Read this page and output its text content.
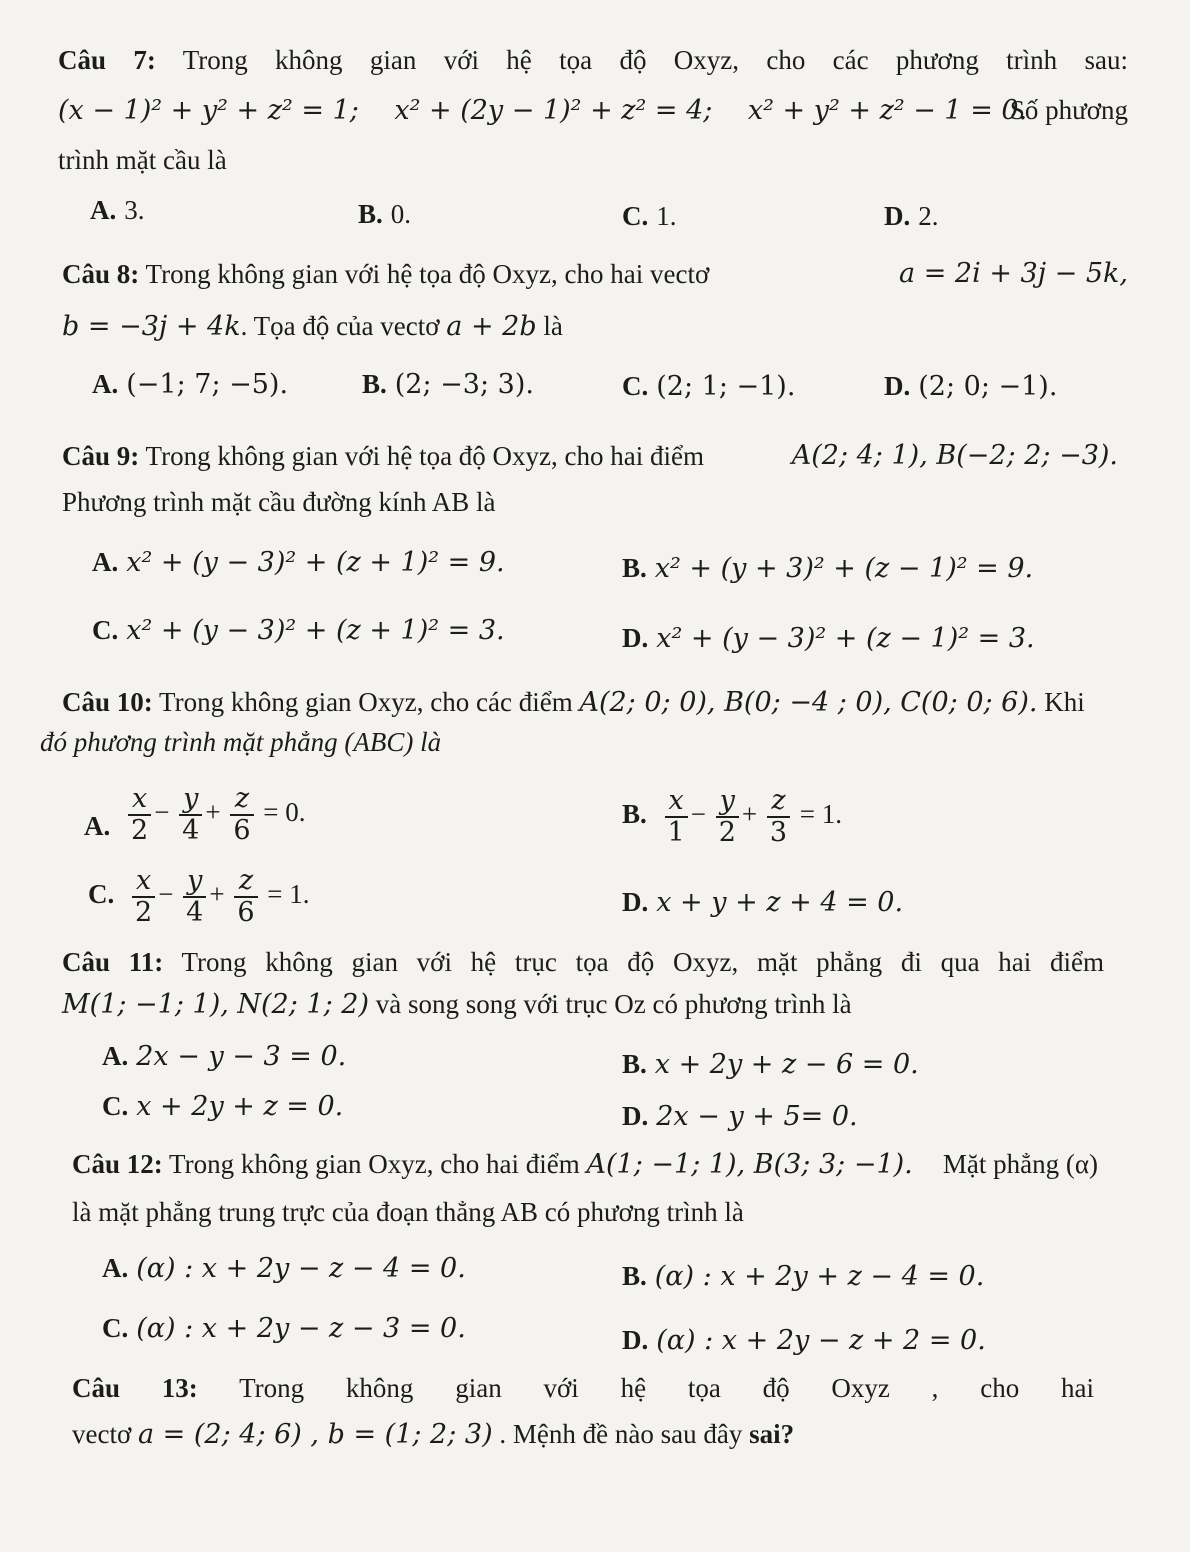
Câu 7: Trong không gian với hệ tọa độ Oxyz, cho các phương trình sau:
(x − 1)² + y² + z² = 1; x² + (2y − 1)² + z² = 4; x² + y² + z² − 1 = 0.
Số phương
trình mặt cầu là
A. 3.	B. 0.	C. 1.	D. 2.
Câu 8: Trong không gian với hệ tọa độ Oxyz, cho hai vectơ	a = 2i + 3j − 5k,
b = −3j + 4k. Tọa độ của vectơ a + 2b là
A. (−1; 7; −5).	B. (2; −3; 3).	C. (2; 1; −1).	D. (2; 0; −1).
Câu 9: Trong không gian với hệ tọa độ Oxyz, cho hai điểm	A(2; 4; 1), B(−2; 2; −3).
Phương trình mặt cầu đường kính AB là
A. x² + (y − 3)² + (z + 1)² = 9.	B. x² + (y + 3)² + (z − 1)² = 9.
C. x² + (y − 3)² + (z + 1)² = 3.	D. x² + (y − 3)² + (z − 1)² = 3.
Câu 10: Trong không gian Oxyz, cho các điểm A(2; 0; 0), B(0; −4 ; 0), C(0; 0; 6). Khi
đó phương trình mặt phẳng (ABC) là
A. $\frac{x}{2} - \frac{y}{4} + \frac{z}{6} = 0$.	B. $\frac{x}{1} - \frac{y}{2} + \frac{z}{3} = 1$.
C. $\frac{x}{2} - \frac{y}{4} + \frac{z}{6} = 1$.	D. x + y + z + 4 = 0.
Câu 11: Trong không gian với hệ trục tọa độ Oxyz, mặt phẳng đi qua hai điểm
M(1; −1; 1), N(2; 1; 2) và song song với trục Oz có phương trình là
A. 2x − y − 3 = 0.	B. x + 2y + z − 6 = 0.
C. x + 2y + z = 0.	D. 2x − y + 5= 0.
Câu 12: Trong không gian Oxyz, cho hai điểm A(1; −1; 1), B(3; 3; −1). Mặt phẳng (α)
là mặt phẳng trung trực của đoạn thẳng AB có phương trình là
A. (α) : x + 2y − z − 4 = 0.	B. (α) : x + 2y + z − 4 = 0.
C. (α) : x + 2y − z − 3 = 0.	D. (α) : x + 2y − z + 2 = 0.
Câu 13: Trong không gian với hệ tọa độ Oxyz , cho hai
vectơ a = (2; 4; 6) , b = (1; 2; 3) . Mệnh đề nào sau đây sai?
